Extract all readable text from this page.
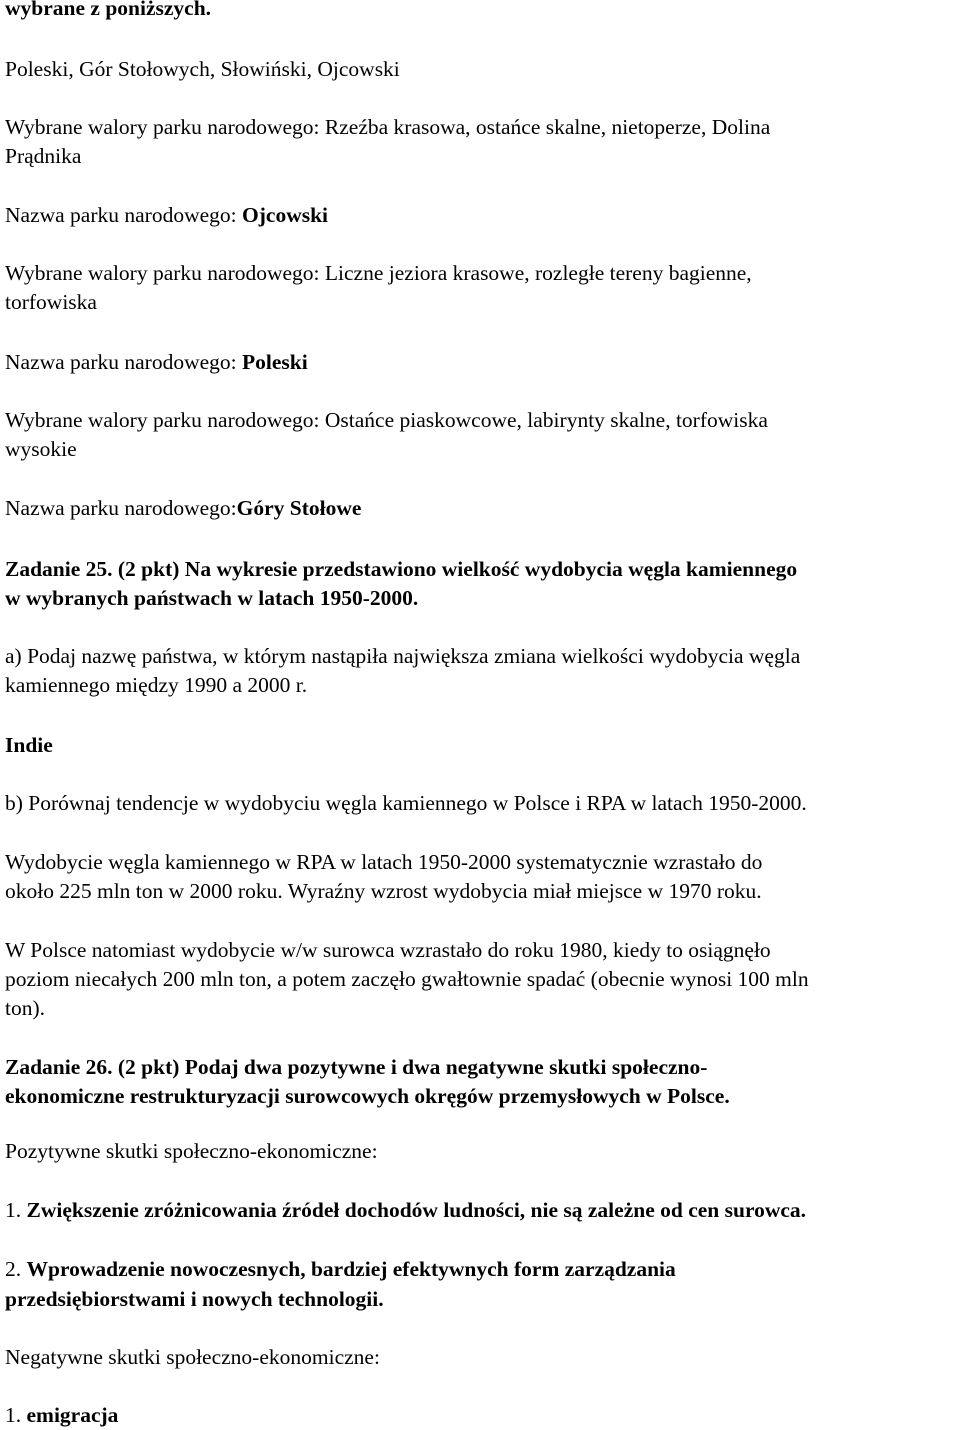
wybrane z poniższych.
Poleski, Gór Stołowych, Słowiński, Ojcowski
Wybrane walory parku narodowego: Rzeźba krasowa, ostańce skalne, nietoperze, Dolina
Prądnika
Nazwa parku narodowego: Ojcowski
Wybrane walory parku narodowego: Liczne jeziora krasowe, rozległe tereny bagienne,
torfowiska
Nazwa parku narodowego: Poleski
Wybrane walory parku narodowego: Ostańce piaskowcowe, labirynty skalne, torfowiska
wysokie
Nazwa parku narodowego:Góry Stołowe
Zadanie 25. (2 pkt) Na wykresie przedstawiono wielkość wydobycia węgla kamiennego
w wybranych państwach w latach 1950-2000.
a) Podaj nazwę państwa, w którym nastąpiła największa zmiana wielkości wydobycia węgla
kamiennego między 1990 a 2000 r.
Indie
b) Porównaj tendencje w wydobyciu węgla kamiennego w Polsce i RPA w latach 1950-2000.
Wydobycie węgla kamiennego w RPA w latach 1950-2000 systematycznie wzrastało do
około 225 mln ton w 2000 roku. Wyraźny wzrost wydobycia miał miejsce w 1970 roku.
W Polsce natomiast wydobycie w/w surowca wzrastało do roku 1980, kiedy to osiągnęło
poziom niecałych 200 mln ton, a potem zaczęło gwałtownie spadać (obecnie wynosi 100 mln
ton).
Zadanie 26. (2 pkt) Podaj dwa pozytywne i dwa negatywne skutki społeczno-
ekonomiczne restrukturyzacji surowcowych okręgów przemysłowych w Polsce.
Pozytywne skutki społeczno-ekonomiczne:
1. Zwiększenie zróżnicowania źródeł dochodów ludności, nie są zależne od cen surowca.
2. Wprowadzenie nowoczesnych, bardziej efektywnych form zarządzania
przedsiębiorstwami i nowych technologii.
Negatywne skutki społeczno-ekonomiczne:
1. emigracja
